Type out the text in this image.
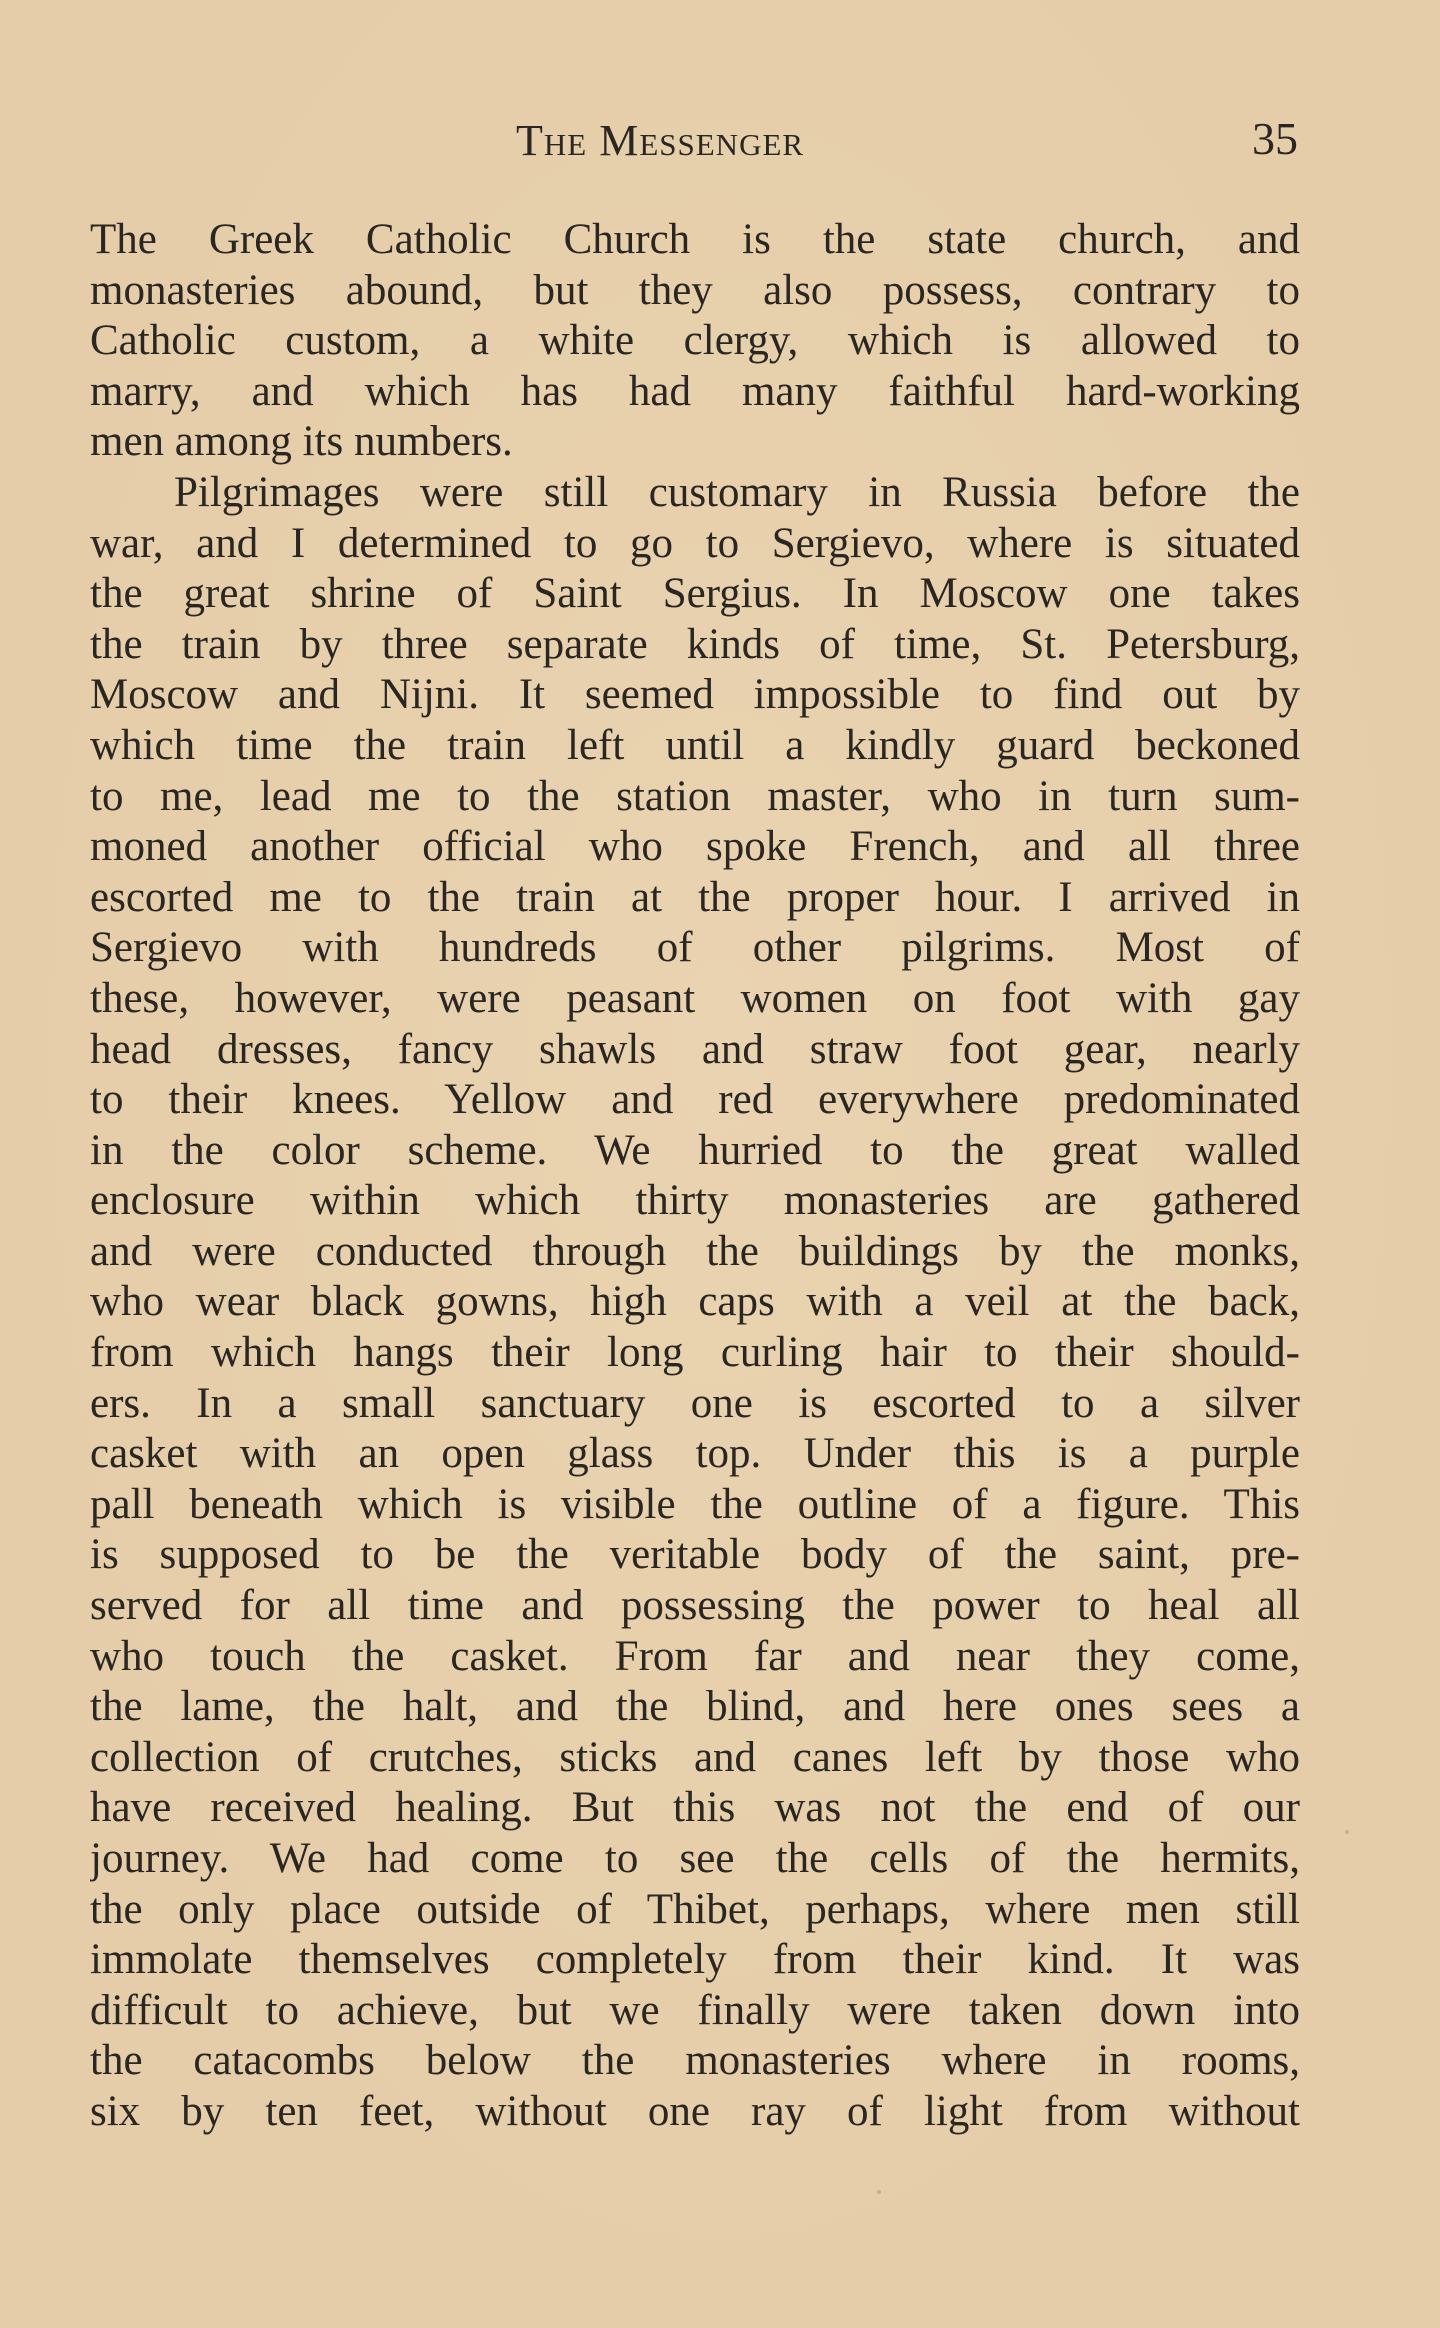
The Messenger	35
The Greek Catholic Church is the state church, and
monasteries abound, but they also possess, contrary to
Catholic custom, a white clergy, which is allowed to
marry, and which has had many faithful hard-working
men among its numbers.
Pilgrimages were still customary in Russia before the
war, and I determined to go to Sergievo, where is situated
the great shrine of Saint Sergius. In Moscow one takes
the train by three separate kinds of time, St. Petersburg,
Moscow and Nijni. It seemed impossible to find out by
which time the train left until a kindly guard beckoned
to me, lead me to the station master, who in turn sum-
moned another official who spoke French, and all three
escorted me to the train at the proper hour. I arrived in
Sergievo with hundreds of other pilgrims. Most of
these, however, were peasant women on foot with gay
head dresses, fancy shawls and straw foot gear, nearly
to their knees. Yellow and red everywhere predominated
in the color scheme. We hurried to the great walled
enclosure within which thirty monasteries are gathered
and were conducted through the buildings by the monks,
who wear black gowns, high caps with a veil at the back,
from which hangs their long curling hair to their should-
ers. In a small sanctuary one is escorted to a silver
casket with an open glass top. Under this is a purple
pall beneath which is visible the outline of a figure. This
is supposed to be the veritable body of the saint, pre-
served for all time and possessing the power to heal all
who touch the casket. From far and near they come,
the lame, the halt, and the blind, and here ones sees a
collection of crutches, sticks and canes left by those who
have received healing. But this was not the end of our
journey. We had come to see the cells of the hermits,
the only place outside of Thibet, perhaps, where men still
immolate themselves completely from their kind. It was
difficult to achieve, but we finally were taken down into
the catacombs below the monasteries where in rooms,
six by ten feet, without one ray of light from without
